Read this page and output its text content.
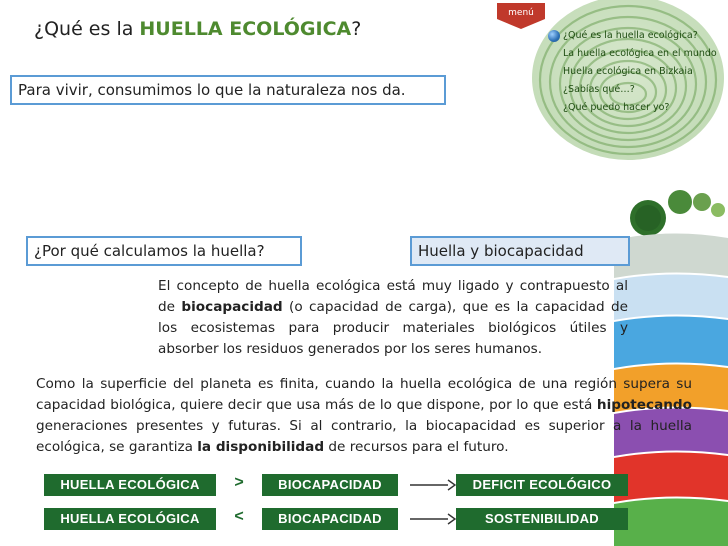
¿Qué es la HUELLA ECOLÓGICA?
menú
¿Qué es la huella ecológica?
La huella ecológica en el mundo
Huella ecológica en Bizkaia
¿Sabías qué…?
¿Qué puedo hacer yo?
Para vivir, consumimos lo que la naturaleza nos da.
¿Por qué calculamos la huella?	Huella y biocapacidad
El concepto de huella ecológica está muy ligado y contrapuesto al de biocapacidad (o capacidad de carga), que es la capacidad de los ecosistemas para producir materiales biológicos útiles y absorber los residuos generados por los seres humanos.
Como la superficie del planeta es finita, cuando la huella ecológica de una región supera su capacidad biológica, quiere decir que usa más de lo que dispone, por lo que está hipotecando generaciones presentes y futuras. Si al contrario, la biocapacidad es superior a la huella ecológica, se garantiza la disponibilidad de recursos para el futuro.
HUELLA ECOLÓGICA	>	BIOCAPACIDAD	DEFICIT ECOLÓGICO
HUELLA ECOLÓGICA	<	BIOCAPACIDAD	SOSTENIBILIDAD
